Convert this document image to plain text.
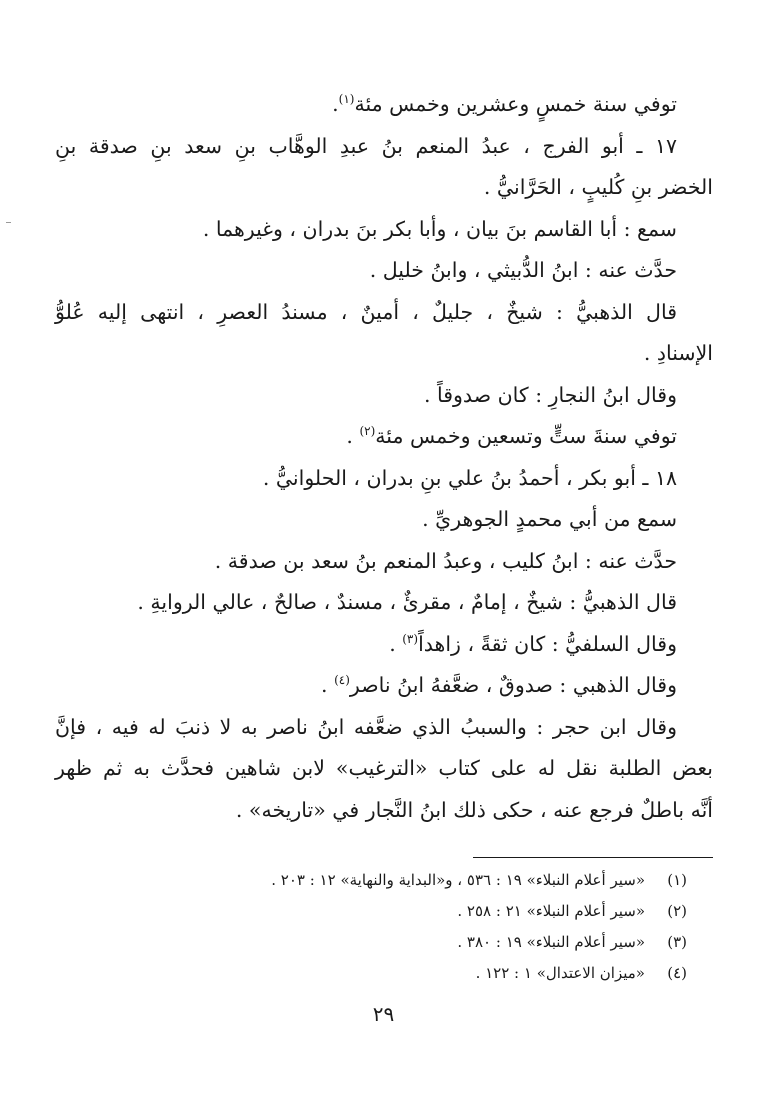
توفي سنة خمسٍ وعشرين وخمس مئة$^{(١)}$.
١٧ ـ أبو الفرج ، عبدُ المنعم بنُ عبدِ الوهَّاب بنِ سعد بنِ صدقة بنِ
الخضر بنِ كُليبٍ ، الحَرَّانيُّ .
سمع : أبا القاسم بنَ بيان ، وأبا بكر بنَ بدران ، وغيرهما .
حدَّث عنه : ابنُ الدُّبيثي ، وابنُ خليل .
قال الذهبيُّ : شيخٌ ، جليلٌ ، أمينٌ ، مسندُ العصرِ ، انتهى إليه عُلوُّ
الإسنادِ .
وقال ابنُ النجارِ : كان صدوقاً .
توفي سنةَ ستٍّ وتسعين وخمس مئة$^{(٢)}$ .
١٨ ـ أبو بكر ، أحمدُ بنُ علي بنِ بدران ، الحلوانيُّ .
سمع من أبي محمدٍ الجوهريِّ .
حدَّث عنه : ابنُ كليب ، وعبدُ المنعم بنُ سعد بن صدقة .
قال الذهبيُّ : شيخٌ ، إمامٌ ، مقرئٌ ، مسندٌ ، صالحٌ ، عالي الروايةِ .
وقال السلفيُّ : كان ثقةً ، زاهداً$^{(٣)}$ .
وقال الذهبي : صدوقٌ ، ضعَّفهُ ابنُ ناصر$^{(٤)}$ .
وقال ابن حجر : والسببُ الذي ضعَّفه ابنُ ناصر به لا ذنبَ له فيه ، فإنَّ
بعض الطلبة نقل له على كتاب «الترغيب» لابن شاهين فحدَّث به ثم ظهر
أنَّه باطلٌ فرجع عنه ، حكى ذلك ابنُ النَّجار في «تاريخه» .
(١)«سير أعلام النبلاء» ١٩ : ٥٣٦ ، و«البداية والنهاية» ١٢ : ٢٠٣ .
(٢)«سير أعلام النبلاء» ٢١ : ٢٥٨ .
(٣)«سير أعلام النبلاء» ١٩ : ٣٨٠ .
(٤)«ميزان الاعتدال» ١ : ١٢٢ .
٢٩
